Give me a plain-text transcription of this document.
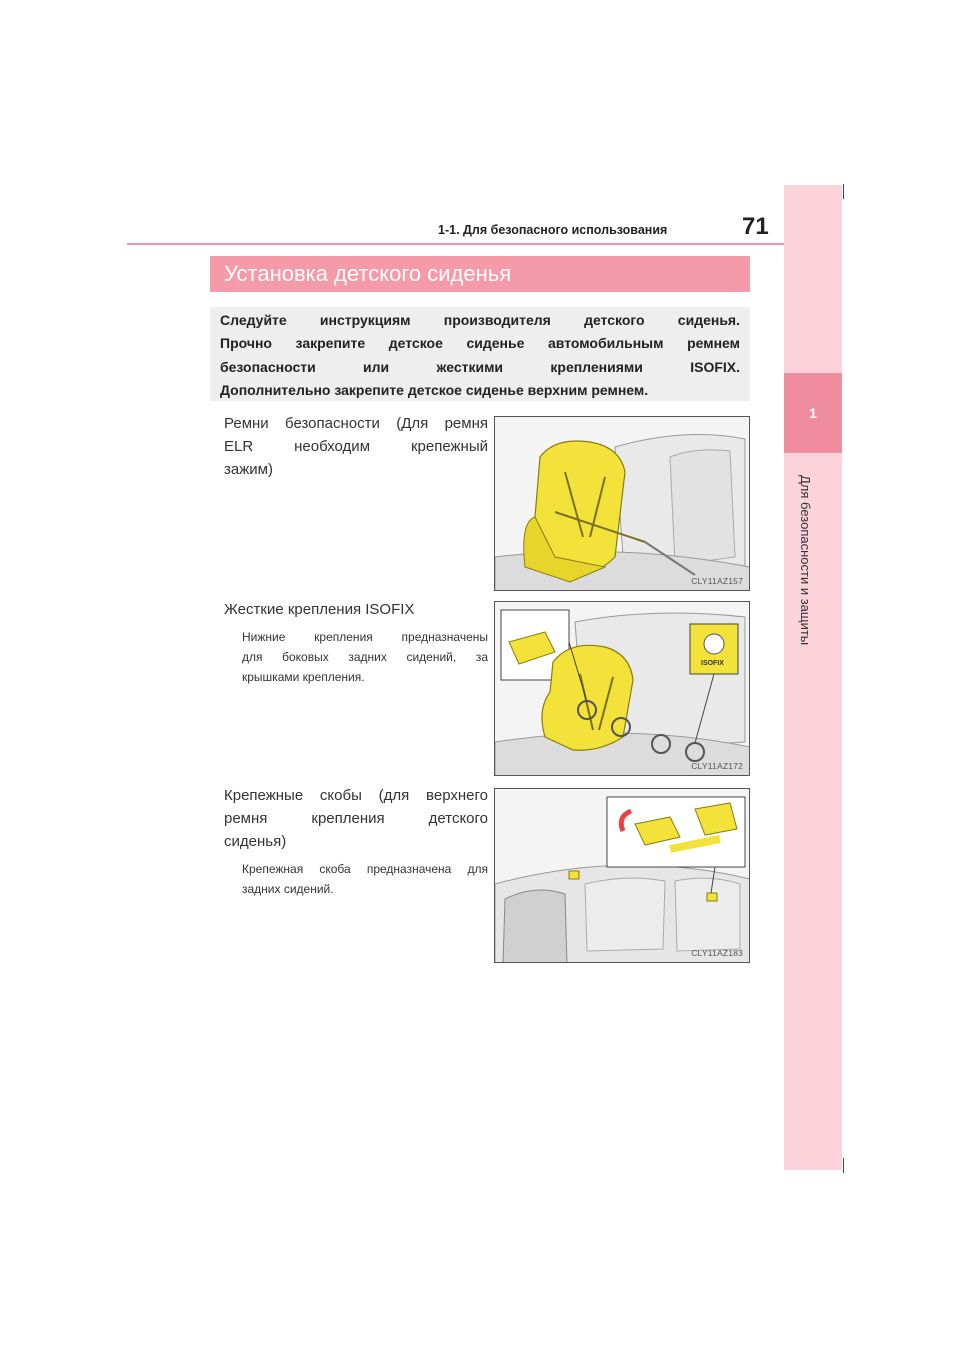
1-1. Для безопасного использования	71
1
Для безопасности и защиты
Установка детского сиденья

Следуйте инструкциям производителя детского сиденья.

Прочно закрепите детское сиденье автомобильным ремнем

безопасности или жесткими креплениями ISOFIX.

Дополнительно закрепите детское сиденье верхним ремнем.

Ремни безопасности (Для ремня

ELR необходим крепежный

зажим)

CLY11AZ157

Жесткие крепления ISOFIX

Нижние крепления предназначены

для боковых задних сидений, за

крышками крепления.

ISOFIX
CLY11AZ172

Крепежные скобы (для верхнего

ремня крепления детского

сиденья)

Крепежная скоба предназначена для

задних сидений.

CLY11AZ183
